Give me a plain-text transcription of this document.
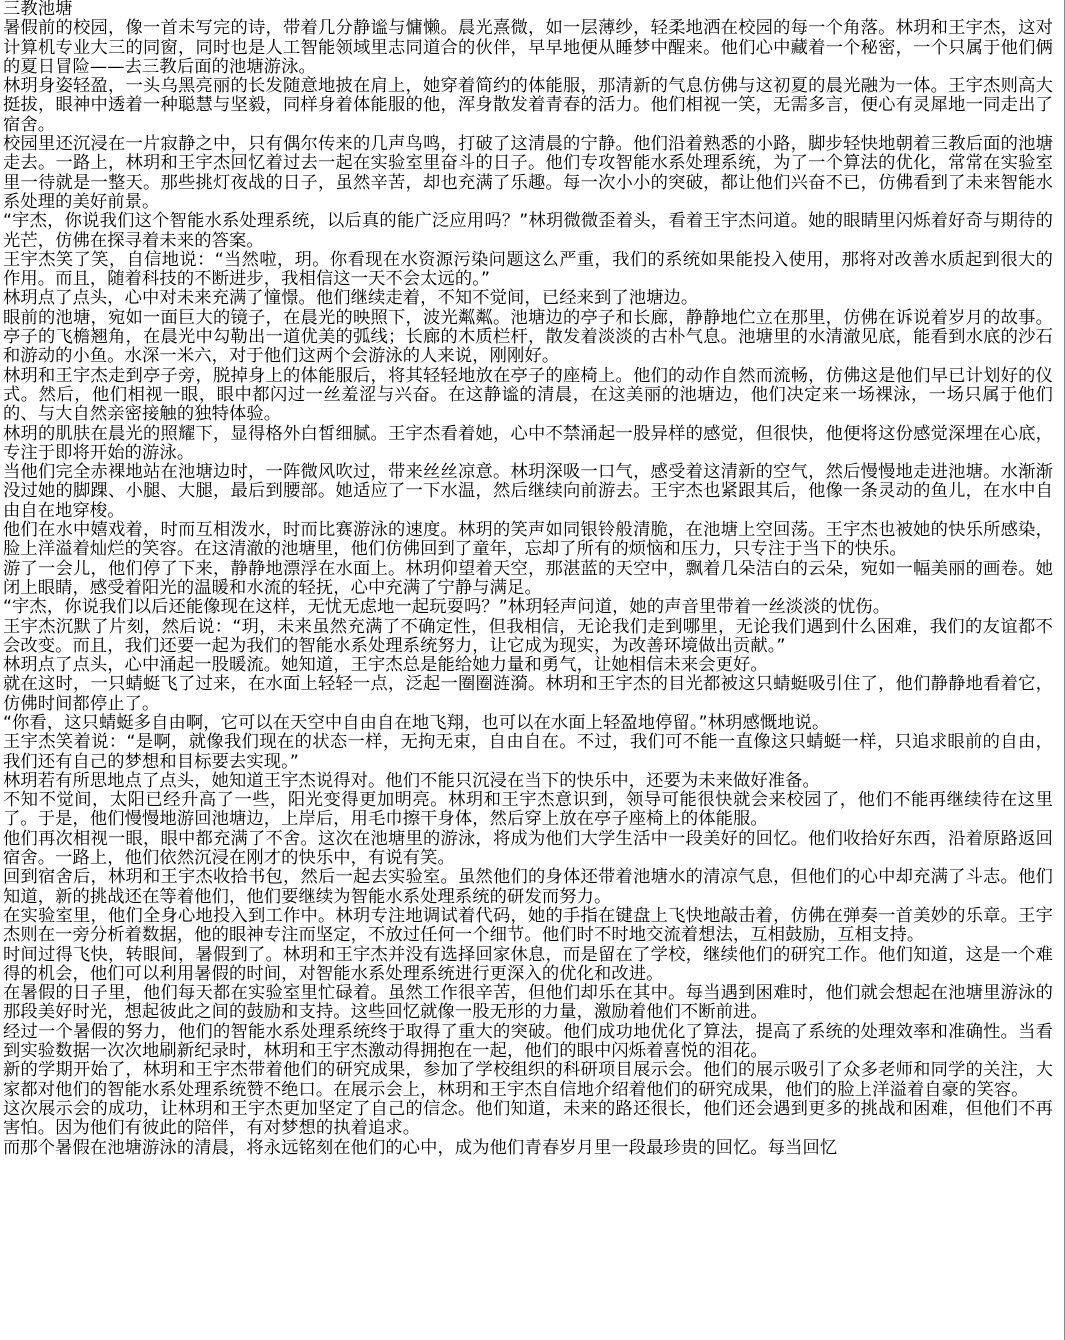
三教池塘

暑假前的校园，像一首未写完的诗，带着几分静谧与慵懒。晨光熹微，如一层薄纱，轻柔地洒在校园的每一个角落。林玥和王宇杰，这对计算机专业大三的同窗，同时也是人工智能领域里志同道合的伙伴，早早地便从睡梦中醒来。他们心中藏着一个秘密，一个只属于他们俩的夏日冒险——去三教后面的池塘游泳。

林玥身姿轻盈，一头乌黑亮丽的长发随意地披在肩上，她穿着简约的体能服，那清新的气息仿佛与这初夏的晨光融为一体。王宇杰则高大挺拔，眼神中透着一种聪慧与坚毅，同样身着体能服的他，浑身散发着青春的活力。他们相视一笑，无需多言，便心有灵犀地一同走出了宿舍。

校园里还沉浸在一片寂静之中，只有偶尔传来的几声鸟鸣，打破了这清晨的宁静。他们沿着熟悉的小路，脚步轻快地朝着三教后面的池塘走去。一路上，林玥和王宇杰回忆着过去一起在实验室里奋斗的日子。他们专攻智能水系处理系统，为了一个算法的优化，常常在实验室里一待就是一整天。那些挑灯夜战的日子，虽然辛苦，却也充满了乐趣。每一次小小的突破，都让他们兴奋不已，仿佛看到了未来智能水系处理的美好前景。

“宇杰，你说我们这个智能水系处理系统，以后真的能广泛应用吗？”林玥微微歪着头，看着王宇杰问道。她的眼睛里闪烁着好奇与期待的光芒，仿佛在探寻着未来的答案。

王宇杰笑了笑，自信地说：“当然啦，玥。你看现在水资源污染问题这么严重，我们的系统如果能投入使用，那将对改善水质起到很大的作用。而且，随着科技的不断进步，我相信这一天不会太远的。”

林玥点了点头，心中对未来充满了憧憬。他们继续走着，不知不觉间，已经来到了池塘边。

眼前的池塘，宛如一面巨大的镜子，在晨光的映照下，波光粼粼。池塘边的亭子和长廊，静静地伫立在那里，仿佛在诉说着岁月的故事。亭子的飞檐翘角，在晨光中勾勒出一道优美的弧线；长廊的木质栏杆，散发着淡淡的古朴气息。池塘里的水清澈见底，能看到水底的沙石和游动的小鱼。水深一米六，对于他们这两个会游泳的人来说，刚刚好。

林玥和王宇杰走到亭子旁，脱掉身上的体能服后，将其轻轻地放在亭子的座椅上。他们的动作自然而流畅，仿佛这是他们早已计划好的仪式。然后，他们相视一眼，眼中都闪过一丝羞涩与兴奋。在这静谧的清晨，在这美丽的池塘边，他们决定来一场裸泳，一场只属于他们的、与大自然亲密接触的独特体验。

林玥的肌肤在晨光的照耀下，显得格外白皙细腻。王宇杰看着她，心中不禁涌起一股异样的感觉，但很快，他便将这份感觉深埋在心底，专注于即将开始的游泳。

当他们完全赤裸地站在池塘边时，一阵微风吹过，带来丝丝凉意。林玥深吸一口气，感受着这清新的空气，然后慢慢地走进池塘。水渐渐没过她的脚踝、小腿、大腿，最后到腰部。她适应了一下水温，然后继续向前游去。王宇杰也紧跟其后，他像一条灵动的鱼儿，在水中自由自在地穿梭。

他们在水中嬉戏着，时而互相泼水，时而比赛游泳的速度。林玥的笑声如同银铃般清脆，在池塘上空回荡。王宇杰也被她的快乐所感染，脸上洋溢着灿烂的笑容。在这清澈的池塘里，他们仿佛回到了童年，忘却了所有的烦恼和压力，只专注于当下的快乐。

游了一会儿，他们停了下来，静静地漂浮在水面上。林玥仰望着天空，那湛蓝的天空中，飘着几朵洁白的云朵，宛如一幅美丽的画卷。她闭上眼睛，感受着阳光的温暖和水流的轻抚，心中充满了宁静与满足。

“宇杰，你说我们以后还能像现在这样，无忧无虑地一起玩耍吗？”林玥轻声问道，她的声音里带着一丝淡淡的忧伤。

王宇杰沉默了片刻，然后说：“玥，未来虽然充满了不确定性，但我相信，无论我们走到哪里，无论我们遇到什么困难，我们的友谊都不会改变。而且，我们还要一起为我们的智能水系处理系统努力，让它成为现实，为改善环境做出贡献。”

林玥点了点头，心中涌起一股暖流。她知道，王宇杰总是能给她力量和勇气，让她相信未来会更好。

就在这时，一只蜻蜓飞了过来，在水面上轻轻一点，泛起一圈圈涟漪。林玥和王宇杰的目光都被这只蜻蜓吸引住了，他们静静地看着它，仿佛时间都停止了。

“你看，这只蜻蜓多自由啊，它可以在天空中自由自在地飞翔，也可以在水面上轻盈地停留。”林玥感慨地说。

王宇杰笑着说：“是啊，就像我们现在的状态一样，无拘无束，自由自在。不过，我们可不能一直像这只蜻蜓一样，只追求眼前的自由，我们还有自己的梦想和目标要去实现。”

林玥若有所思地点了点头，她知道王宇杰说得对。他们不能只沉浸在当下的快乐中，还要为未来做好准备。

不知不觉间，太阳已经升高了一些，阳光变得更加明亮。林玥和王宇杰意识到，领导可能很快就会来校园了，他们不能再继续待在这里了。于是，他们慢慢地游回池塘边，上岸后，用毛巾擦干身体，然后穿上放在亭子座椅上的体能服。

他们再次相视一眼，眼中都充满了不舍。这次在池塘里的游泳，将成为他们大学生活中一段美好的回忆。他们收拾好东西，沿着原路返回宿舍。一路上，他们依然沉浸在刚才的快乐中，有说有笑。

回到宿舍后，林玥和王宇杰收拾书包，然后一起去实验室。虽然他们的身体还带着池塘水的清凉气息，但他们的心中却充满了斗志。他们知道，新的挑战还在等着他们，他们要继续为智能水系处理系统的研发而努力。

在实验室里，他们全身心地投入到工作中。林玥专注地调试着代码，她的手指在键盘上飞快地敲击着，仿佛在弹奏一首美妙的乐章。王宇杰则在一旁分析着数据，他的眼神专注而坚定，不放过任何一个细节。他们时不时地交流着想法，互相鼓励，互相支持。

时间过得飞快，转眼间，暑假到了。林玥和王宇杰并没有选择回家休息，而是留在了学校，继续他们的研究工作。他们知道，这是一个难得的机会，他们可以利用暑假的时间，对智能水系处理系统进行更深入的优化和改进。

在暑假的日子里，他们每天都在实验室里忙碌着。虽然工作很辛苦，但他们却乐在其中。每当遇到困难时，他们就会想起在池塘里游泳的那段美好时光，想起彼此之间的鼓励和支持。这些回忆就像一股无形的力量，激励着他们不断前进。

经过一个暑假的努力，他们的智能水系处理系统终于取得了重大的突破。他们成功地优化了算法，提高了系统的处理效率和准确性。当看到实验数据一次次地刷新纪录时，林玥和王宇杰激动得拥抱在一起，他们的眼中闪烁着喜悦的泪花。

新的学期开始了，林玥和王宇杰带着他们的研究成果，参加了学校组织的科研项目展示会。他们的展示吸引了众多老师和同学的关注，大家都对他们的智能水系处理系统赞不绝口。在展示会上，林玥和王宇杰自信地介绍着他们的研究成果，他们的脸上洋溢着自豪的笑容。

这次展示会的成功，让林玥和王宇杰更加坚定了自己的信念。他们知道，未来的路还很长，他们还会遇到更多的挑战和困难，但他们不再害怕。因为他们有彼此的陪伴，有对梦想的执着追求。

而那个暑假在池塘游泳的清晨，将永远铭刻在他们的心中，成为他们青春岁月里一段最珍贵的回忆。每当回忆
